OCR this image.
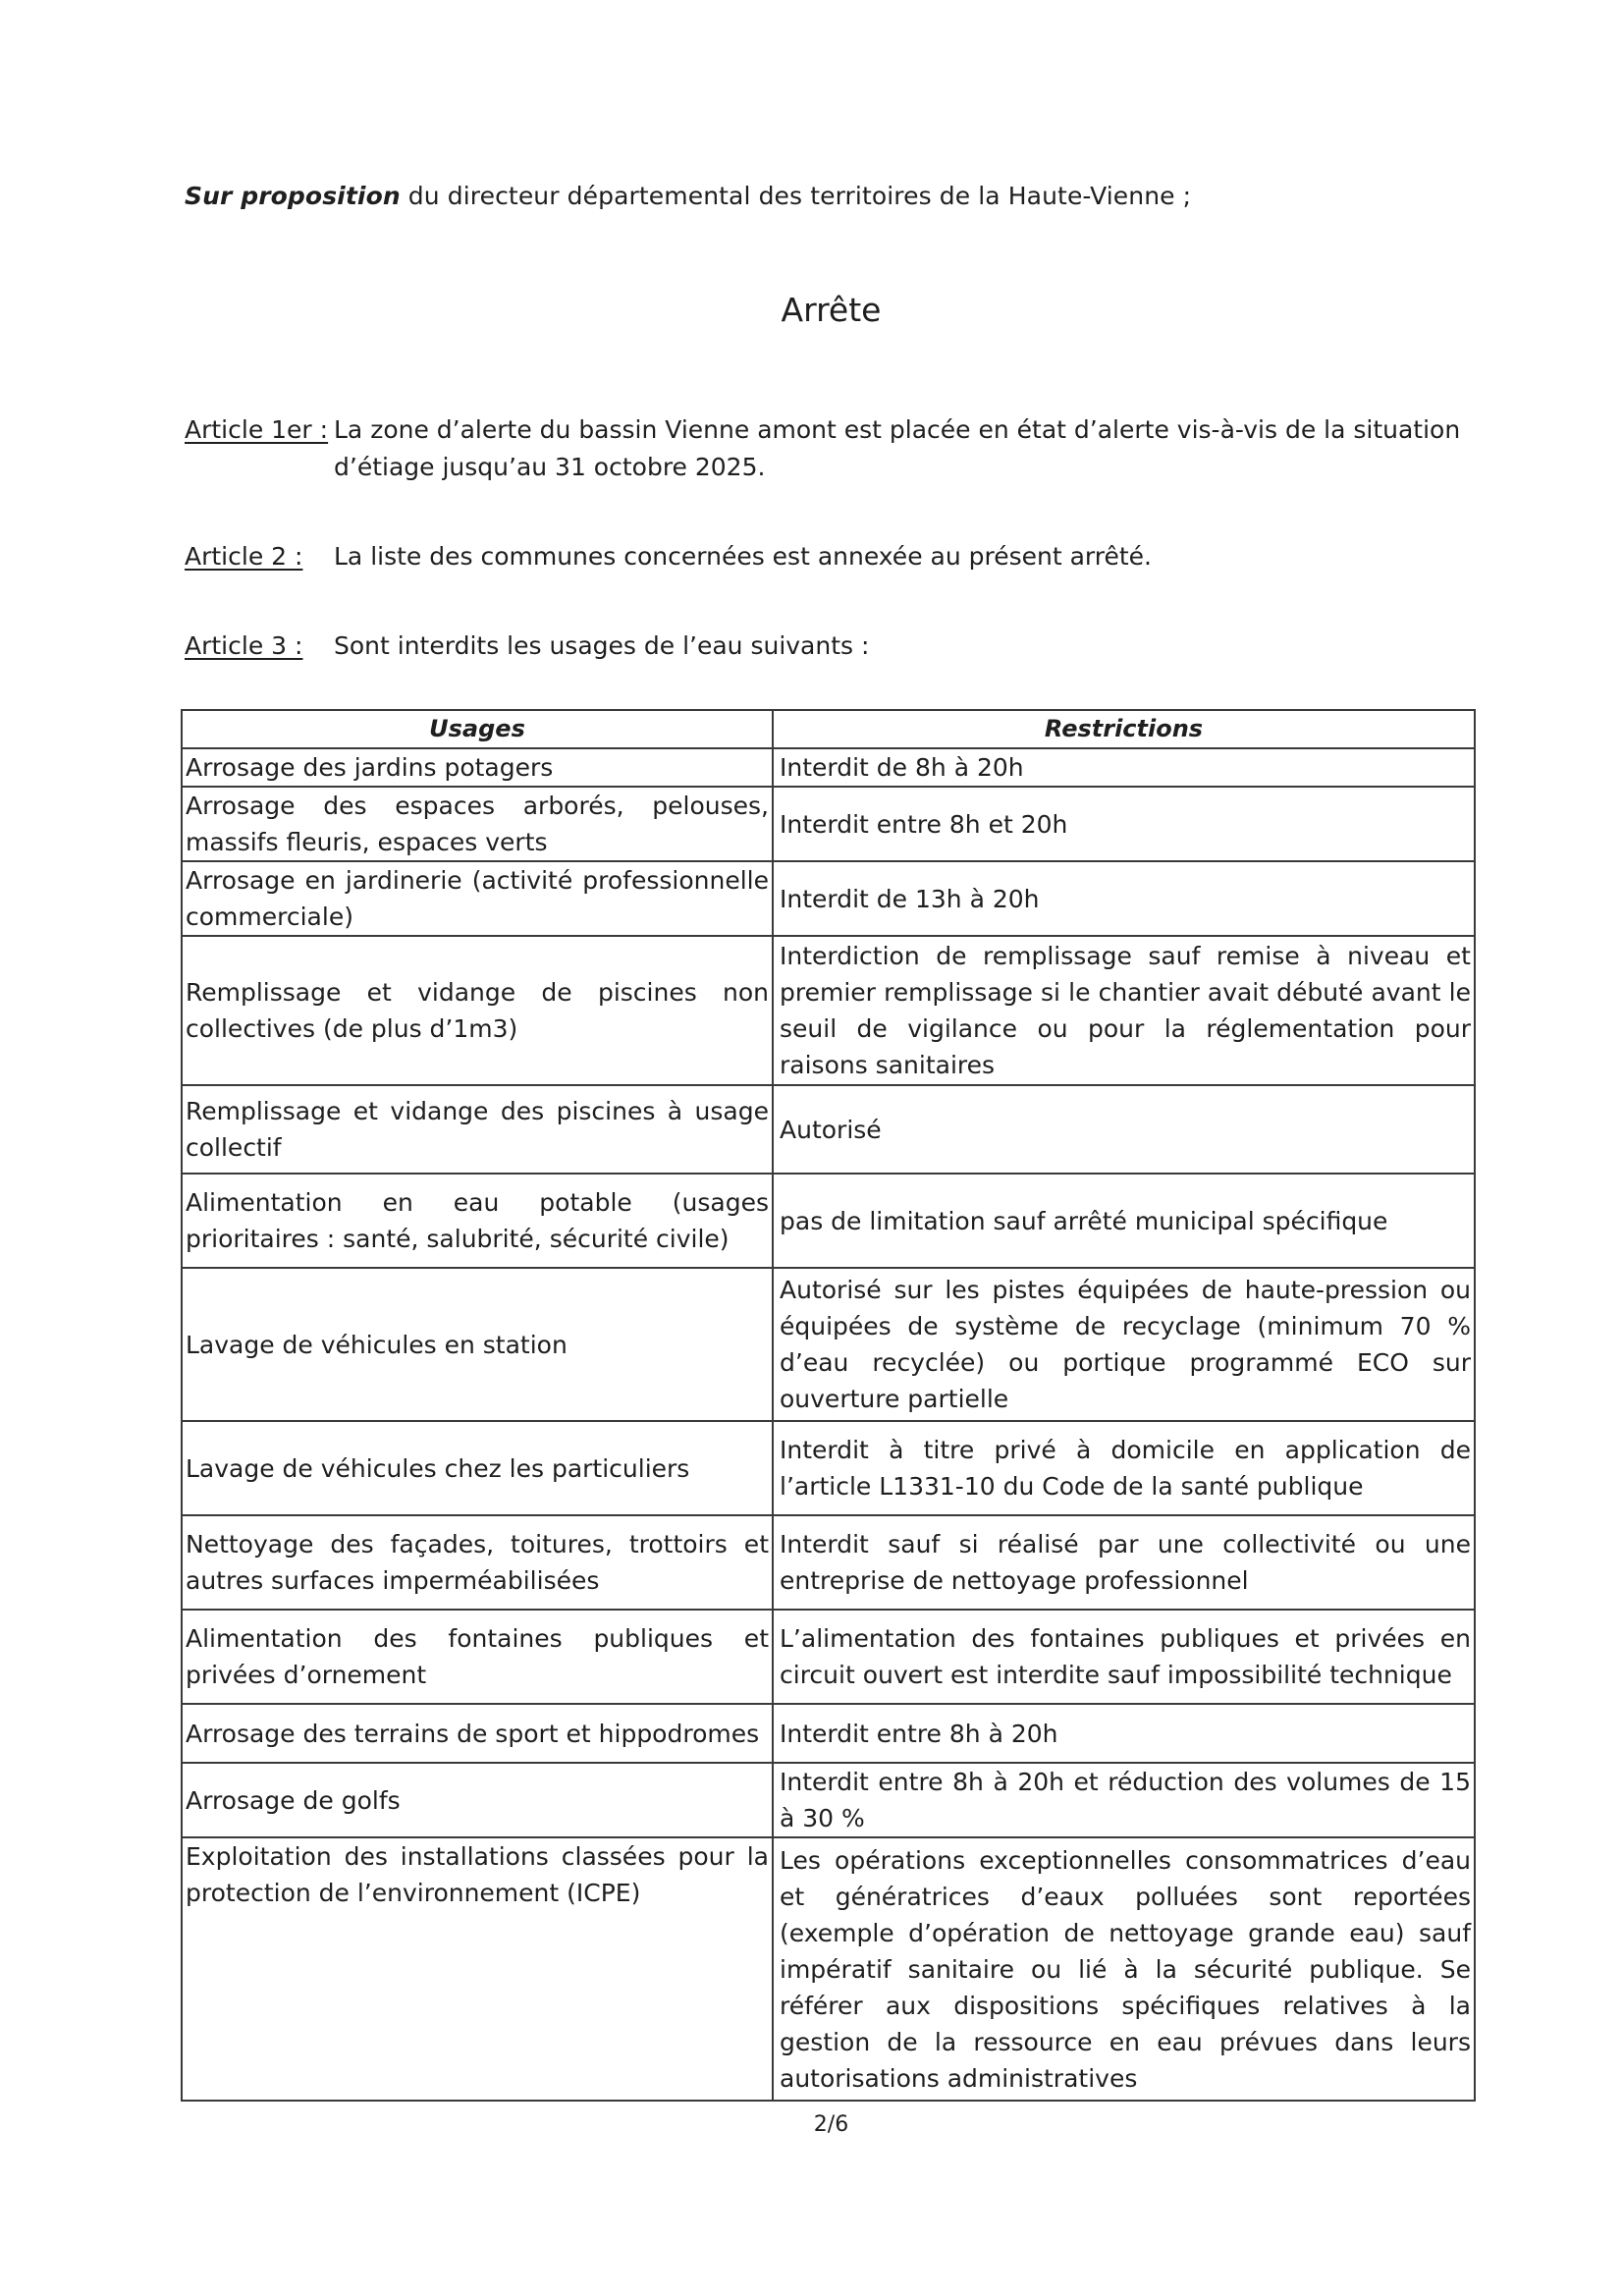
Sur proposition du directeur départemental des territoires de la Haute-Vienne ;
Arrête
Article 1er : La zone d’alerte du bassin Vienne amont est placée en état d’alerte vis-à-vis de la situation d’étiage jusqu’au 31 octobre 2025.
Article 2 :	La liste des communes concernées est annexée au présent arrêté.
Article 3 :	Sont interdits les usages de l’eau suivants :
Usages	Restrictions
Arrosage des jardins potagers	Interdit de 8h à 20h
Arrosage des espaces arborés, pelouses, massifs fleuris, espaces verts	Interdit entre 8h et 20h
Arrosage en jardinerie (activité professionnelle commerciale)	Interdit de 13h à 20h
Remplissage et vidange de piscines non collectives (de plus d’1m3)	Interdiction de remplissage sauf remise à niveau et premier remplissage si le chantier avait débuté avant le seuil de vigilance ou pour la réglementation pour raisons sanitaires
Remplissage et vidange des piscines à usage collectif	Autorisé
Alimentation en eau potable (usages prioritaires : santé, salubrité, sécurité civile)	pas de limitation sauf arrêté municipal spécifique
Lavage de véhicules en station	Autorisé sur les pistes équipées de haute-pression ou équipées de système de recyclage (minimum 70 % d’eau recyclée) ou portique programmé ECO sur ouverture partielle
Lavage de véhicules chez les particuliers	Interdit à titre privé à domicile en application de l’article L1331-10 du Code de la santé publique
Nettoyage des façades, toitures, trottoirs et autres surfaces imperméabilisées	Interdit sauf si réalisé par une collectivité ou une entreprise de nettoyage professionnel
Alimentation des fontaines publiques et privées d’ornement	L’alimentation des fontaines publiques et privées en circuit ouvert est interdite sauf impossibilité technique
Arrosage des terrains de sport et hippodromes	Interdit entre 8h à 20h
Arrosage de golfs	Interdit entre 8h à 20h et réduction des volumes de 15 à 30 %
Exploitation des installations classées pour la protection de l’environnement (ICPE)	Les opérations exceptionnelles consommatrices d’eau et génératrices d’eaux polluées sont reportées (exemple d’opération de nettoyage grande eau) sauf impératif sanitaire ou lié à la sécurité publique. Se référer aux dispositions spécifiques relatives à la gestion de la ressource en eau prévues dans leurs autorisations administratives
2/6
